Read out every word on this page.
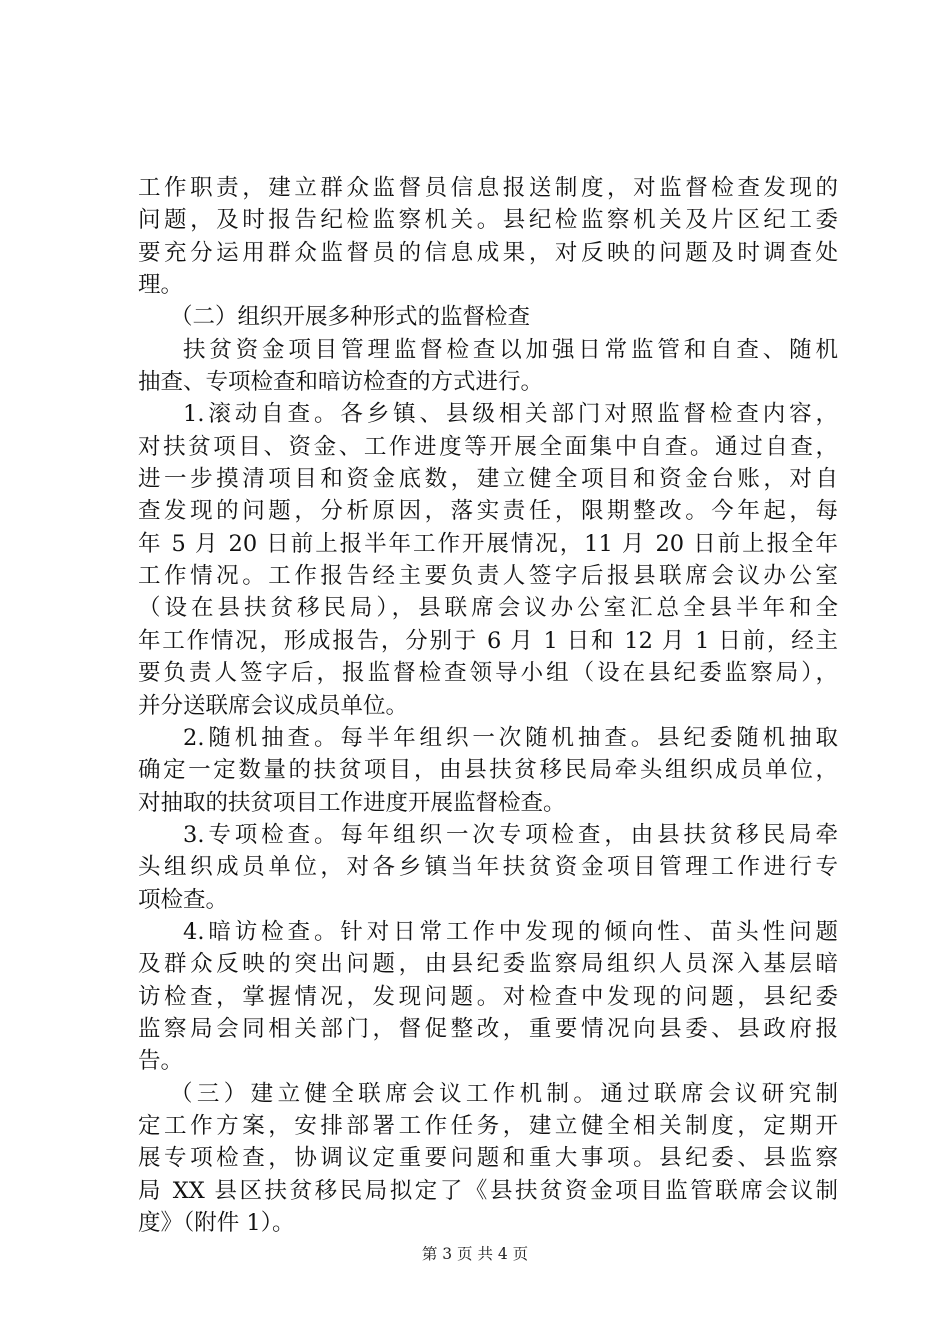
工作职责，建立群众监督员信息报送制度，对监督检查发现的
问题，及时报告纪检监察机关。县纪检监察机关及片区纪工委
要充分运用群众监督员的信息成果，对反映的问题及时调查处
理。
（二）组织开展多种形式的监督检查
扶贫资金项目管理监督检查以加强日常监管和自查、随机
抽查、专项检查和暗访检查的方式进行。
1.滚动自查。各乡镇、县级相关部门对照监督检查内容，
对扶贫项目、资金、工作进度等开展全面集中自查。通过自查，
进一步摸清项目和资金底数，建立健全项目和资金台账，对自
查发现的问题，分析原因，落实责任，限期整改。今年起，每
年 5 月 20 日前上报半年工作开展情况，11 月 20 日前上报全年
工作情况。工作报告经主要负责人签字后报县联席会议办公室
（设在县扶贫移民局），县联席会议办公室汇总全县半年和全
年工作情况，形成报告，分别于 6 月 1 日和 12 月 1 日前，经主
要负责人签字后，报监督检查领导小组（设在县纪委监察局），
并分送联席会议成员单位。
2.随机抽查。每半年组织一次随机抽查。县纪委随机抽取
确定一定数量的扶贫项目，由县扶贫移民局牵头组织成员单位，
对抽取的扶贫项目工作进度开展监督检查。
3.专项检查。每年组织一次专项检查，由县扶贫移民局牵
头组织成员单位，对各乡镇当年扶贫资金项目管理工作进行专
项检查。
4.暗访检查。针对日常工作中发现的倾向性、苗头性问题
及群众反映的突出问题，由县纪委监察局组织人员深入基层暗
访检查，掌握情况，发现问题。对检查中发现的问题，县纪委
监察局会同相关部门，督促整改，重要情况向县委、县政府报
告。
（三）建立健全联席会议工作机制。通过联席会议研究制
定工作方案，安排部署工作任务，建立健全相关制度，定期开
展专项检查，协调议定重要问题和重大事项。县纪委、县监察
局 XX 县区扶贫移民局拟定了《县扶贫资金项目监管联席会议制
度》（附件 1）。
第 3 页 共 4 页
